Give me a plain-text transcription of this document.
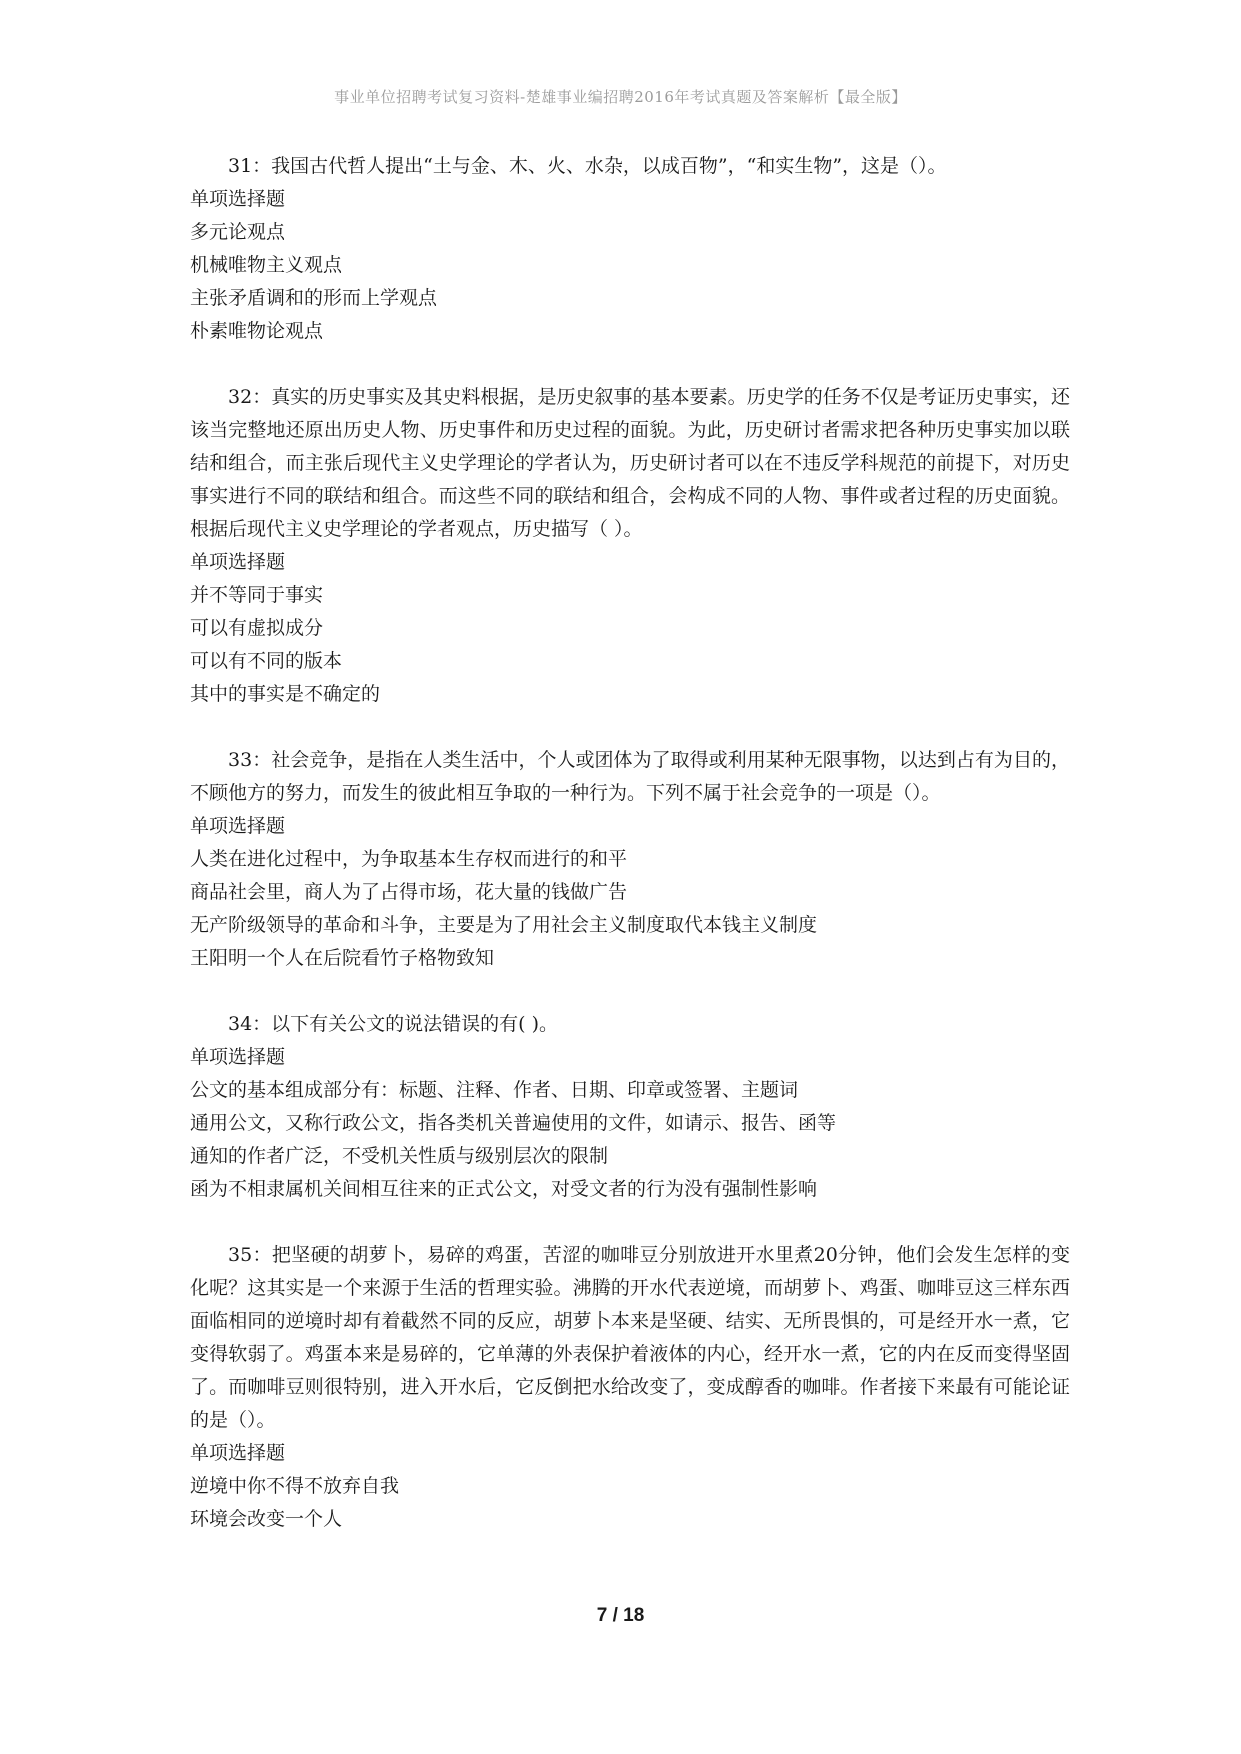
事业单位招聘考试复习资料-楚雄事业编招聘2016年考试真题及答案解析【最全版】

31：我国古代哲人提出“土与金、木、火、水杂，以成百物”，“和实生物”，这是（）。

单项选择题

多元论观点

机械唯物主义观点

主张矛盾调和的形而上学观点

朴素唯物论观点

32：真实的历史事实及其史料根据，是历史叙事的基本要素。历史学的任务不仅是考证历史事实，还该当完整地还原出历史人物、历史事件和历史过程的面貌。为此，历史研讨者需求把各种历史事实加以联结和组合，而主张后现代主义史学理论的学者认为，历史研讨者可以在不违反学科规范的前提下，对历史事实进行不同的联结和组合。而这些不同的联结和组合，会构成不同的人物、事件或者过程的历史面貌。根据后现代主义史学理论的学者观点，历史描写（ ）。

单项选择题

并不等同于事实

可以有虚拟成分

可以有不同的版本

其中的事实是不确定的

33：社会竞争，是指在人类生活中，个人或团体为了取得或利用某种无限事物，以达到占有为目的，不顾他方的努力，而发生的彼此相互争取的一种行为。下列不属于社会竞争的一项是（）。

单项选择题

人类在进化过程中，为争取基本生存权而进行的和平

商品社会里，商人为了占得市场，花大量的钱做广告

无产阶级领导的革命和斗争，主要是为了用社会主义制度取代本钱主义制度

王阳明一个人在后院看竹子格物致知

34：以下有关公文的说法错误的有( )。

单项选择题

公文的基本组成部分有：标题、注释、作者、日期、印章或签署、主题词

通用公文，又称行政公文，指各类机关普遍使用的文件，如请示、报告、函等

通知的作者广泛，不受机关性质与级别层次的限制

函为不相隶属机关间相互往来的正式公文，对受文者的行为没有强制性影响

35：把坚硬的胡萝卜，易碎的鸡蛋，苦涩的咖啡豆分别放进开水里煮20分钟，他们会发生怎样的变化呢？这其实是一个来源于生活的哲理实验。沸腾的开水代表逆境，而胡萝卜、鸡蛋、咖啡豆这三样东西面临相同的逆境时却有着截然不同的反应，胡萝卜本来是坚硬、结实、无所畏惧的，可是经开水一煮，它变得软弱了。鸡蛋本来是易碎的，它单薄的外表保护着液体的内心，经开水一煮，它的内在反而变得坚固了。而咖啡豆则很特别，进入开水后，它反倒把水给改变了，变成醇香的咖啡。作者接下来最有可能论证的是（）。

单项选择题

逆境中你不得不放弃自我

环境会改变一个人

7 / 18
